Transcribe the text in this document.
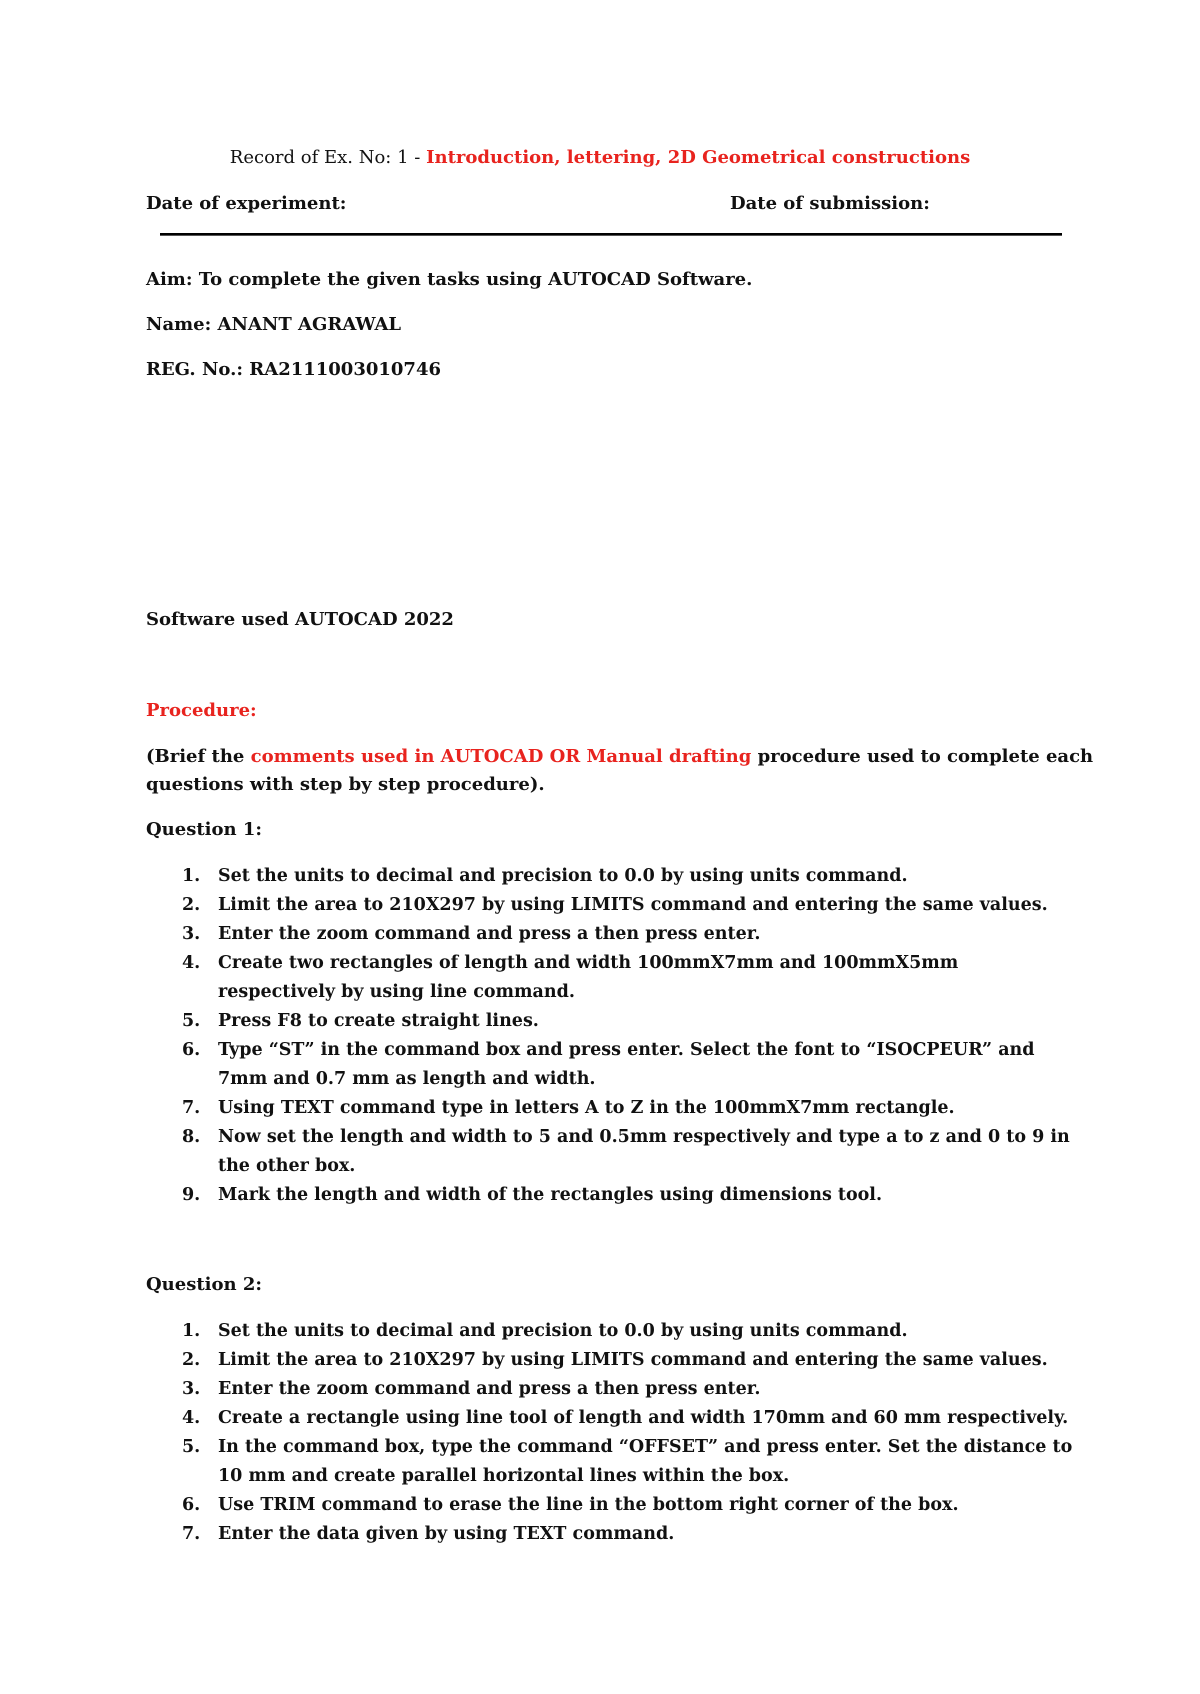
Record of Ex. No: 1 - Introduction, lettering, 2D Geometrical constructions
Date of experiment:	Date of submission:
Aim: To complete the given tasks using AUTOCAD Software.
Name: ANANT AGRAWAL
REG. No.: RA2111003010746
Software used AUTOCAD 2022
Procedure:
(Brief the comments used in AUTOCAD OR Manual drafting procedure used to complete each
questions with step by step procedure).
Question 1:
1.	Set the units to decimal and precision to 0.0 by using units command.
2.	Limit the area to 210X297 by using LIMITS command and entering the same values.
3.	Enter the zoom command and press a then press enter.
4.	Create two rectangles of length and width 100mmX7mm and 100mmX5mm respectively by using line command.
5.	Press F8 to create straight lines.
6.	Type “ST” in the command box and press enter. Select the font to “ISOCPEUR” and 7mm and 0.7 mm as length and width.
7.	Using TEXT command type in letters A to Z in the 100mmX7mm rectangle.
8.	Now set the length and width to 5 and 0.5mm respectively and type a to z and 0 to 9 in the other box.
9.	Mark the length and width of the rectangles using dimensions tool.
Question 2:
1.	Set the units to decimal and precision to 0.0 by using units command.
2.	Limit the area to 210X297 by using LIMITS command and entering the same values.
3.	Enter the zoom command and press a then press enter.
4.	Create a rectangle using line tool of length and width 170mm and 60 mm respectively.
5.	In the command box, type the command “OFFSET” and press enter. Set the distance to 10 mm and create parallel horizontal lines within the box.
6.	Use TRIM command to erase the line in the bottom right corner of the box.
7.	Enter the data given by using TEXT command.
